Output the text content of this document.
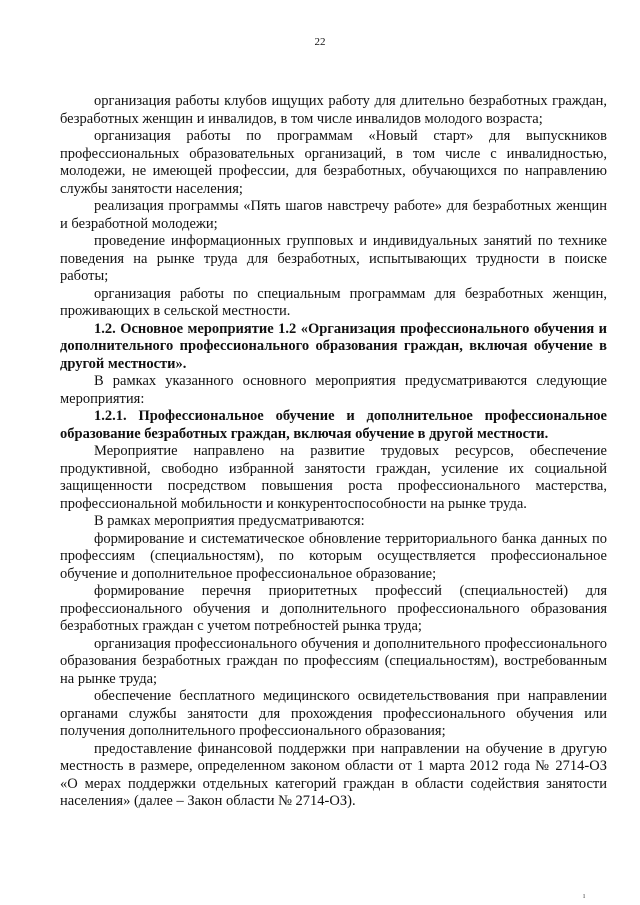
22

организация работы клубов ищущих работу для длительно безработных граждан, безработных женщин и инвалидов, в том числе инвалидов молодого возраста;

организация работы по программам «Новый старт» для выпускников профессиональных образовательных организаций, в том числе с инвалидностью, молодежи, не имеющей профессии, для безработных, обучающихся по направлению службы занятости населения;

реализация программы «Пять шагов навстречу работе» для безработных женщин и безработной молодежи;

проведение информационных групповых и индивидуальных занятий по технике поведения на рынке труда для безработных, испытывающих трудности в поиске работы;

организация работы по специальным программам для безработных женщин, проживающих в сельской местности.

1.2. Основное мероприятие 1.2 «Организация профессионального обучения и дополнительного профессионального образования граждан, включая обучение в другой местности».

В рамках указанного основного мероприятия предусматриваются следующие мероприятия:

1.2.1. Профессиональное обучение и дополнительное профессиональное образование безработных граждан, включая обучение в другой местности.

Мероприятие направлено на развитие трудовых ресурсов, обеспечение продуктивной, свободно избранной занятости граждан, усиление их социальной защищенности посредством повышения роста профессионального мастерства, профессиональной мобильности и конкурентоспособности на рынке труда.

В рамках мероприятия предусматриваются:

формирование и систематическое обновление территориального банка данных по профессиям (специальностям), по которым осуществляется профессиональное обучение и дополнительное профессиональное образование;

формирование перечня приоритетных профессий (специальностей) для профессионального обучения и дополнительного профессионального образования безработных граждан с учетом потребностей рынка труда;

организация профессионального обучения и дополнительного профессионального образования безработных граждан по профессиям (специальностям), востребованным на рынке труда;

обеспечение бесплатного медицинского освидетельствования при направлении органами службы занятости для прохождения профессионального обучения или получения дополнительного профессионального образования;

предоставление финансовой поддержки при направлении на обучение в другую местность в размере, определенном законом области от 1 марта 2012 года № 2714-ОЗ «О мерах поддержки отдельных категорий граждан в области содействия занятости населения» (далее – Закон области № 2714-ОЗ).

ı
